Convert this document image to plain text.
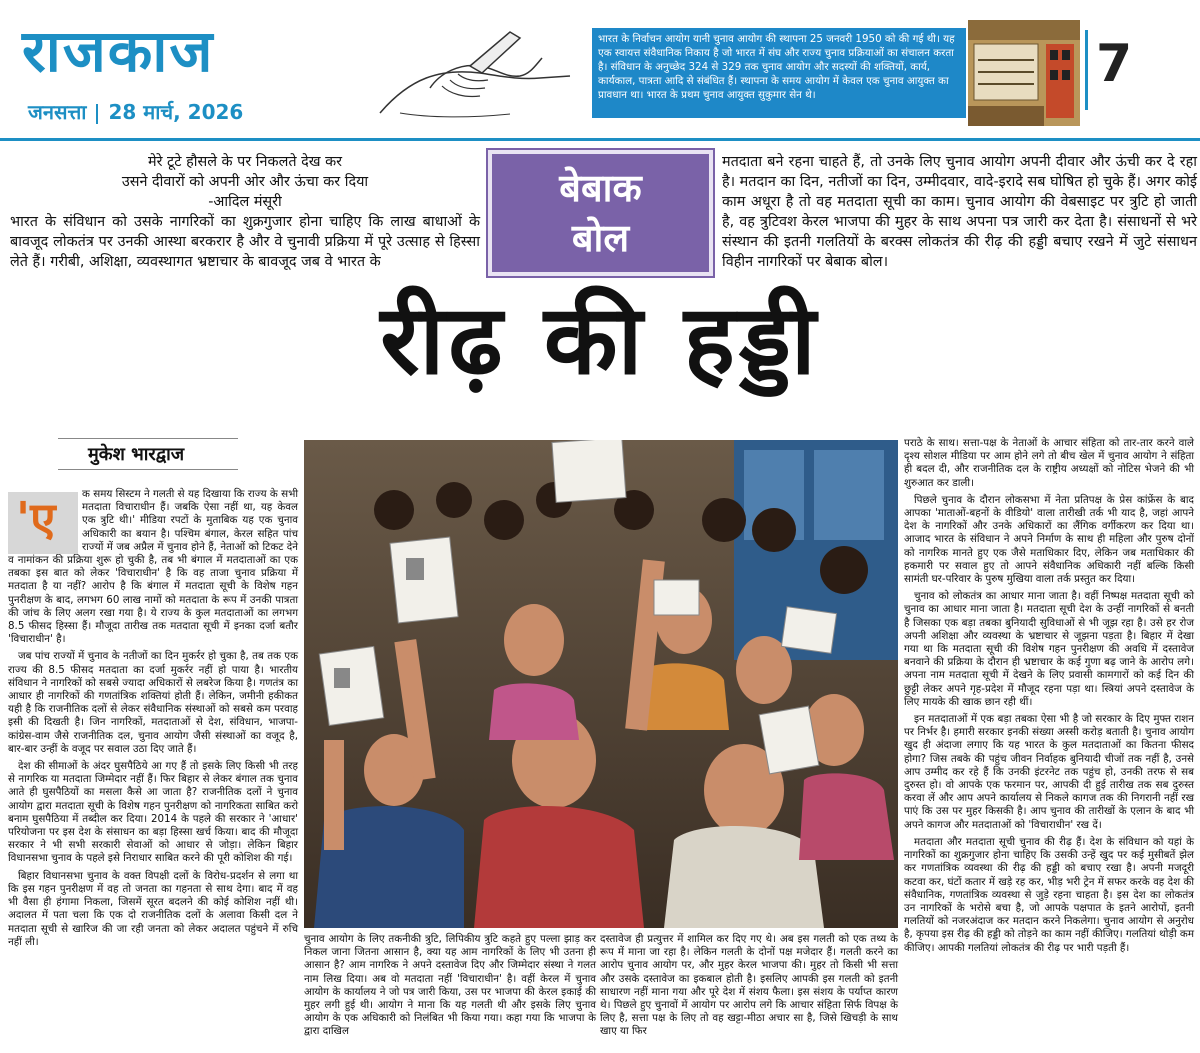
राजकाज
जनसत्ता 28 मार्च, 2026
भारत के निर्वाचन आयोग यानी चुनाव आयोग की स्थापना 25 जनवरी 1950 को की गई थी। यह एक स्वायत्त संवैधानिक निकाय है जो भारत में संघ और राज्य चुनाव प्रक्रियाओं का संचालन करता है। संविधान के अनुच्छेद 324 से 329 तक चुनाव आयोग और सदस्यों की शक्तियों, कार्य, कार्यकाल, पात्रता आदि से संबंधित हैं। स्थापना के समय आयोग में केवल एक चुनाव आयुक्त का प्रावधान था। भारत के प्रथम चुनाव आयुक्त सुकुमार सेन थे।
7
मेरे टूटे हौसले के पर निकलते देख कर
उसने दीवारों को अपनी ओर और ऊंचा कर दिया
-आदिल मंसूरी
भारत के संविधान को उसके नागरिकों का शुक्रगुजार होना चाहिए कि लाख बाधाओं के बावजूद लोकतंत्र पर उनकी आस्था बरकरार है और वे चुनावी प्रक्रिया में पूरे उत्साह से हिस्सा लेते हैं। गरीबी, अशिक्षा, व्यवस्थागत भ्रष्टाचार के बावजूद जब वे भारत के
बेबाक
बोल
मतदाता बने रहना चाहते हैं, तो उनके लिए चुनाव आयोग अपनी दीवार और ऊंची कर दे रहा है। मतदान का दिन, नतीजों का दिन, उम्मीदवार, वादे-इरादे सब घोषित हो चुके हैं। अगर कोई काम अधूरा है तो वह मतदाता सूची का काम। चुनाव आयोग की वेबसाइट पर त्रुटि हो जाती है, वह त्रुटिवश केरल भाजपा की मुहर के साथ अपना पत्र जारी कर देता है। संसाधनों से भरे संस्थान की इतनी गलतियों के बरक्स लोकतंत्र की रीढ़ की हड्डी बचाए रखने में जुटे संसाधन विहीन नागरिकों पर बेबाक बोल।
रीढ़ की हड्डी
मुकेश भारद्वाज

क समय सिस्टम ने गलती से यह दिखाया कि राज्य के सभी मतदाता विचाराधीन हैं। जबकि ऐसा नहीं था, यह केवल एक त्रुटि थी।' मीडिया रपटों के मुताबिक यह एक चुनाव अधिकारी का बयान है। पश्चिम बंगाल, केरल सहित पांच राज्यों में जब अप्रैल में चुनाव होने हैं, नेताओं को टिकट देने व नामांकन की प्रक्रिया शुरू हो चुकी है, तब भी बंगाल में मतदाताओं का एक तबका इस बात को लेकर 'विचाराधीन' है कि वह ताजा चुनाव प्रक्रिया में मतदाता है या नहीं? आरोप है कि बंगाल में मतदाता सूची के विशेष गहन पुनरीक्षण के बाद, लगभग 60 लाख नामों को मतदाता के रूप में उनकी पात्रता की जांच के लिए अलग रखा गया है। ये राज्य के कुल मतदाताओं का लगभग 8.5 फीसद हिस्सा हैं। मौजूदा तारीख तक मतदाता सूची में इनका दर्जा बतौर 'विचाराधीन' है।

जब पांच राज्यों में चुनाव के नतीजों का दिन मुकर्रर हो चुका है, तब तक एक राज्य की 8.5 फीसद मतदाता का दर्जा मुकर्रर नहीं हो पाया है। भारतीय संविधान ने नागरिकों को सबसे ज्यादा अधिकारों से लबरेज किया है। गणतंत्र का आधार ही नागरिकों की गणतांत्रिक शक्तियां होती हैं। लेकिन, जमीनी हकीकत यही है कि राजनीतिक दलों से लेकर संवैधानिक संस्थाओं को सबसे कम परवाह इसी की दिखती है। जिन नागरिकों, मतदाताओं से देश, संविधान, भाजपा-कांग्रेस-वाम जैसे राजनीतिक दल, चुनाव आयोग जैसी संस्थाओं का वजूद है, बार-बार उन्हीं के वजूद पर सवाल उठा दिए जाते हैं।

देश की सीमाओं के अंदर घुसपैठिये आ गए हैं तो इसके लिए किसी भी तरह से नागरिक या मतदाता जिम्मेदार नहीं हैं। फिर बिहार से लेकर बंगाल तक चुनाव आते ही घुसपैठियों का मसला कैसे आ जाता है? राजनीतिक दलों ने चुनाव आयोग द्वारा मतदाता सूची के विशेष गहन पुनरीक्षण को नागरिकता साबित करो बनाम घुसपैठिया में तब्दील कर दिया। 2014 के पहले की सरकार ने 'आधार' परियोजना पर इस देश के संसाधन का बड़ा हिस्सा खर्च किया। बाद की मौजूदा सरकार ने भी सभी सरकारी सेवाओं को आधार से जोड़ा। लेकिन बिहार विधानसभा चुनाव के पहले इसे निराधार साबित करने की पूरी कोशिश की गई।

बिहार विधानसभा चुनाव के वक्त विपक्षी दलों के विरोध-प्रदर्शन से लगा था कि इस गहन पुनरीक्षण में वह तो जनता का गहनता से साथ देगा। बाद में वह भी वैसा ही हंगामा निकला, जिसमें सूरत बदलने की कोई कोशिश नहीं थी। अदालत में पता चला कि एक दो राजनीतिक दलों के अलावा किसी दल ने मतदाता सूची से खारिज की जा रही जनता को लेकर अदालत पहुंचने में रुचि नहीं ली।

'ए
चुनाव आयोग के लिए तकनीकी त्रुटि, लिपिकीय त्रुटि कहते हुए पल्ला झाड़ कर निकल जाना जितना आसान है, क्या यह आम नागरिकों के लिए भी उतना ही आसान है? आम नागरिक ने अपने दस्तावेज दिए और जिम्मेदार संस्था ने गलत नाम लिख दिया। अब वो मतदाता नहीं 'विचाराधीन' है। वहीं केरल में चुनाव आयोग के कार्यालय ने जो पत्र जारी किया, उस पर भाजपा की केरल इकाई की मुहर लगी हुई थी। आयोग ने माना कि यह गलती थी और इसके लिए चुनाव आयोग के एक अधिकारी को निलंबित भी किया गया। कहा गया कि भाजपा के द्वारा दाखिल
दस्तावेज ही प्रत्युत्तर में शामिल कर दिए गए थे। अब इस गलती को एक तथ्य के रूप में माना जा रहा है। लेकिन गलती के दोनों पक्ष मजेदार हैं। गलती करने का आरोप चुनाव आयोग पर, और मुहर केरल भाजपा की। मुहर तो किसी भी सत्ता और उसके दस्तावेज का इकबाल होती है। इसलिए आपकी इस गलती को इतनी साधारण नहीं माना गया और पूरे देश में संशय फैला। इस संशय के पर्याप्त कारण थे। पिछले हुए चुनावों में आयोग पर आरोप लगे कि आचार संहिता सिर्फ विपक्ष के लिए है, सत्ता पक्ष के लिए तो वह खट्टा-मीठा अचार सा है, जिसे खिचड़ी के साथ खाए या फिर

पराठे के साथ। सत्ता-पक्ष के नेताओं के आचार संहिता को तार-तार करने वाले दृश्य सोशल मीडिया पर आम होने लगे तो बीच खेल में चुनाव आयोग ने संहिता ही बदल दी, और राजनीतिक दल के राष्ट्रीय अध्यक्षों को नोटिस भेजने की भी शुरुआत कर डाली।

पिछले चुनाव के दौरान लोकसभा में नेता प्रतिपक्ष के प्रेस कांफ्रेंस के बाद आपका 'माताओं-बहनों के वीडियो' वाला तारीखी तर्क भी याद है, जहां आपने देश के नागरिकों और उनके अधिकारों का लैंगिक वर्गीकरण कर दिया था। आजाद भारत के संविधान ने अपने निर्माण के साथ ही महिला और पुरुष दोनों को नागरिक मानते हुए एक जैसे मताधिकार दिए, लेकिन जब मताधिकार की हकमारी पर सवाल हुए तो आपने संवैधानिक अधिकारी नहीं बल्कि किसी सामंती घर-परिवार के पुरुष मुखिया वाला तर्क प्रस्तुत कर दिया।

चुनाव को लोकतंत्र का आधार माना जाता है। वहीं निष्पक्ष मतदाता सूची को चुनाव का आधार माना जाता है। मतदाता सूची देश के उन्हीं नागरिकों से बनती है जिसका एक बड़ा तबका बुनियादी सुविधाओं से भी जूझ रहा है। उसे हर रोज अपनी अशिक्षा और व्यवस्था के भ्रष्टाचार से जूझना पड़ता है। बिहार में देखा गया था कि मतदाता सूची की विशेष गहन पुनरीक्षण की अवधि में दस्तावेज बनवाने की प्रक्रिया के दौरान ही भ्रष्टाचार के कई गुणा बढ़ जाने के आरोप लगे। अपना नाम मतदाता सूची में देखने के लिए प्रवासी कामगारों को कई दिन की छुट्टी लेकर अपने गृह-प्रदेश में मौजूद रहना पड़ा था। स्त्रियां अपने दस्तावेज के लिए मायके की खाक छान रही थीं।

इन मतदाताओं में एक बड़ा तबका ऐसा भी है जो सरकार के दिए मुफ्त राशन पर निर्भर है। हमारी सरकार इनकी संख्या अस्सी करोड़ बताती है। चुनाव आयोग खुद ही अंदाजा लगाए कि यह भारत के कुल मतदाताओं का कितना फीसद होगा? जिस तबके की पहुंच जीवन निर्वाहक बुनियादी चीजों तक नहीं है, उनसे आप उम्मीद कर रहे हैं कि उनकी इंटरनेट तक पहुंच हो, उनकी तरफ से सब दुरुस्त हो। वो आपके एक फरमान पर, आपकी दी हुई तारीख तक सब दुरुस्त करवा लें और आप अपने कार्यालय से निकले कागज तक की निगरानी नहीं रख पाएं कि उस पर मुहर किसकी है। आप चुनाव की तारीखों के एलान के बाद भी अपने कागज और मतदाताओं को 'विचाराधीन' रख दें।

मतदाता और मतदाता सूची चुनाव की रीढ़ हैं। देश के संविधान को यहां के नागरिकों का शुक्रगुजार होना चाहिए कि उसकी उन्हें खुद पर कई मुसीबतें झेल कर गणतांत्रिक व्यवस्था की रीढ़ की हड्डी को बचाए रखा है। अपनी मजदूरी कटवा कर, घंटों कतार में खड़े रह कर, भीड़ भरी ट्रेन में सफर करके वह देश की संवैधानिक, गणतांत्रिक व्यवस्था से जुड़े रहना चाहता है। इस देश का लोकतंत्र उन नागरिकों के भरोसे बचा है, जो आपके पक्षपात के इतने आरोपों, इतनी गलतियों को नजरअंदाज कर मतदान करने निकलेगा। चुनाव आयोग से अनुरोध है, कृपया इस रीढ़ की हड्डी को तोड़ने का काम नहीं कीजिए। गलतियां थोड़ी कम कीजिए। आपकी गलतियां लोकतंत्र की रीढ़ पर भारी पड़ती हैं।
